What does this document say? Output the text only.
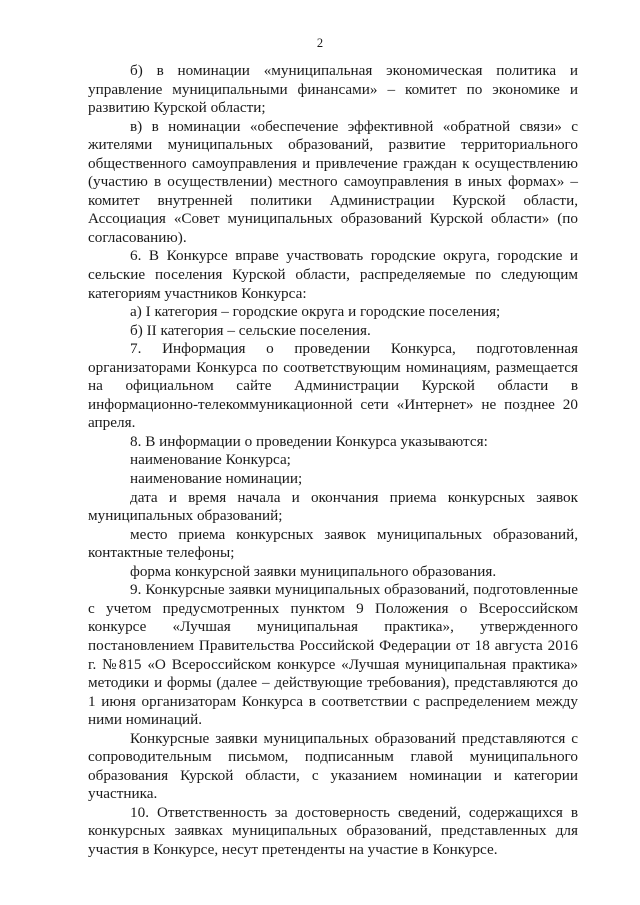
2

б) в номинации «муниципальная экономическая политика и управление муниципальными финансами» – комитет по экономике и развитию Курской области;

в) в номинации «обеспечение эффективной «обратной связи» с жителями муниципальных образований, развитие территориального общественного самоуправления и привлечение граждан к осуществлению (участию в осуществлении) местного самоуправления в иных формах» – комитет внутренней политики Администрации Курской области, Ассоциация «Совет муниципальных образований Курской области» (по согласованию).

6. В Конкурсе вправе участвовать городские округа, городские и сельские поселения Курской области, распределяемые по следующим категориям участников Конкурса:

а) I категория – городские округа и городские поселения;

б) II категория – сельские поселения.

7. Информация о проведении Конкурса, подготовленная организаторами Конкурса по соответствующим номинациям, размещается на официальном сайте Администрации Курской области в информационно-телекоммуникационной сети «Интернет» не позднее 20 апреля.

8. В информации о проведении Конкурса указываются:

наименование Конкурса;

наименование номинации;

дата и время начала и окончания приема конкурсных заявок муниципальных образований;

место приема конкурсных заявок муниципальных образований, контактные телефоны;

форма конкурсной заявки муниципального образования.

9. Конкурсные заявки муниципальных образований, подготовленные с учетом предусмотренных пунктом 9 Положения о Всероссийском конкурсе «Лучшая муниципальная практика», утвержденного постановлением Правительства Российской Федерации от 18 августа 2016 г. №815 «О Всероссийском конкурсе «Лучшая муниципальная практика» методики и формы (далее – действующие требования), представляются до 1 июня организаторам Конкурса в соответствии с распределением между ними номинаций.

Конкурсные заявки муниципальных образований представляются с сопроводительным письмом, подписанным главой муниципального образования Курской области, с указанием номинации и категории участника.

10. Ответственность за достоверность сведений, содержащихся в конкурсных заявках муниципальных образований, представленных для участия в Конкурсе, несут претенденты на участие в Конкурсе.
